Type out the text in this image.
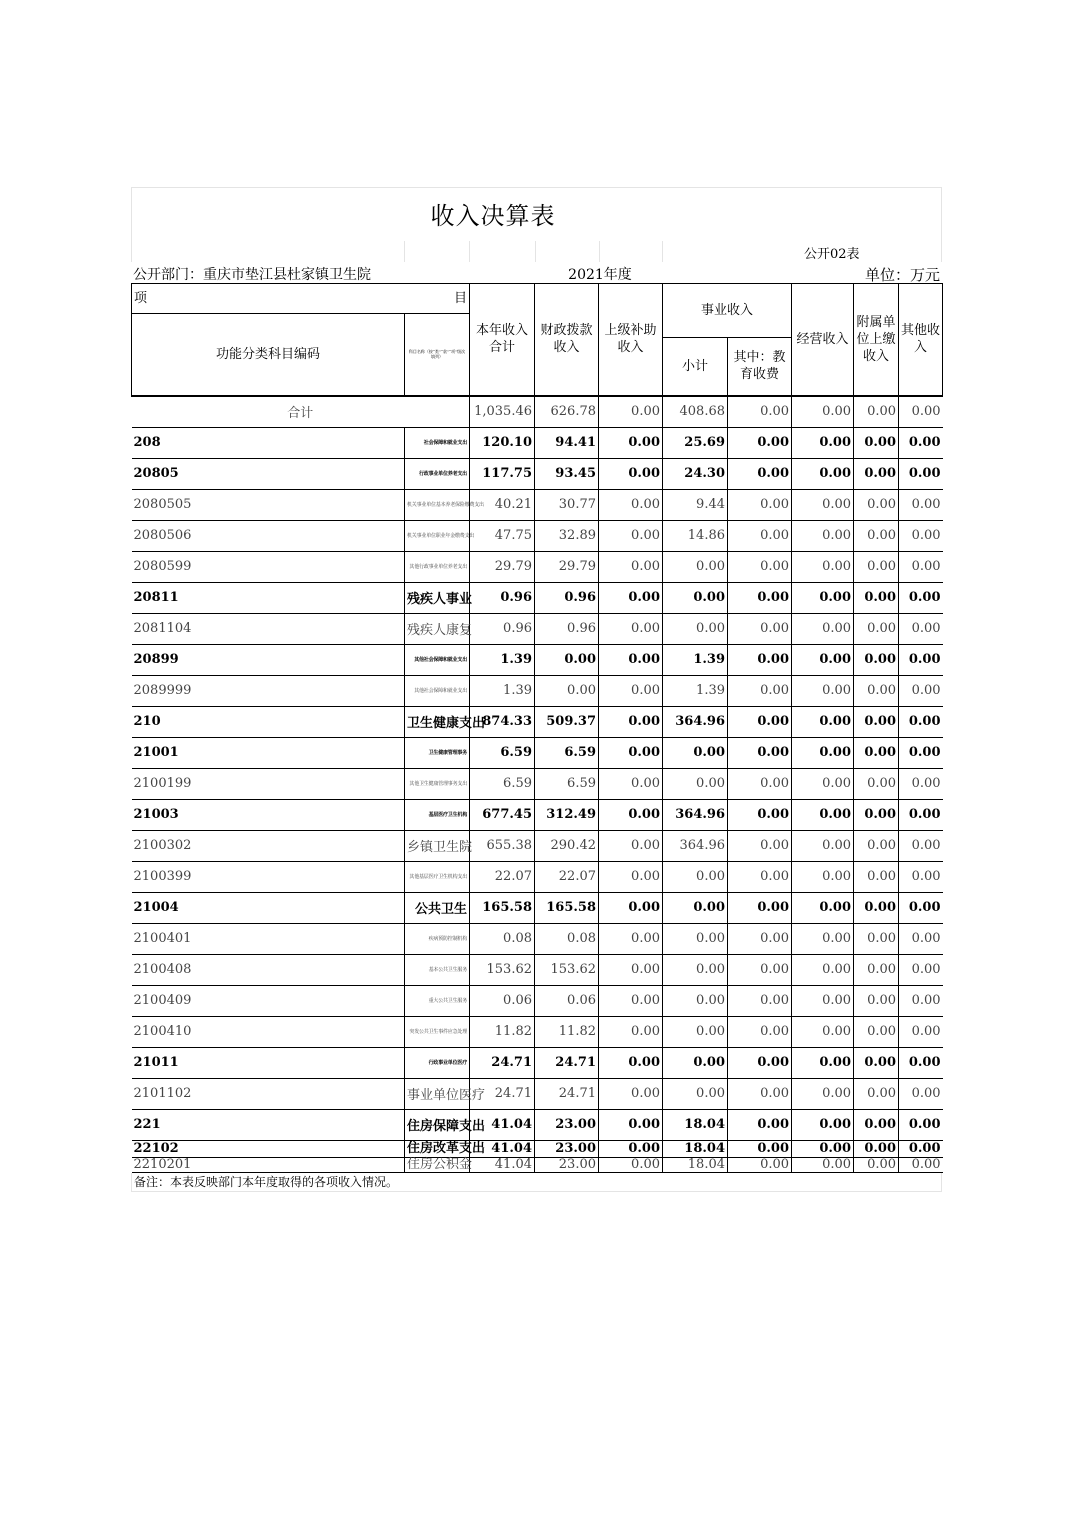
收入决算表
公开02表
公开部门：重庆市垫江县杜家镇卫生院	2021年度	单位：万元
项 目		本年收入合计	财政拨款收入	上级补助收入	事业收入		经营收入	附属单位上缴收入	其他收入
功能分类科目编码	科目名称（按“类”“款”“项”级次填列）								
					小计	其中：教育收费			
合计		1,035.46	626.78	0.00	408.68	0.00	0.00	0.00	0.00
208	社会保障和就业支出	120.10	94.41	0.00	25.69	0.00	0.00	0.00	0.00
20805	行政事业单位养老支出	117.75	93.45	0.00	24.30	0.00	0.00	0.00	0.00
2080505	机关事业单位基本养老保险缴费支出	40.21	30.77	0.00	9.44	0.00	0.00	0.00	0.00
2080506	机关事业单位职业年金缴费支出	47.75	32.89	0.00	14.86	0.00	0.00	0.00	0.00
2080599	其他行政事业单位养老支出	29.79	29.79	0.00	0.00	0.00	0.00	0.00	0.00
20811	残疾人事业	0.96	0.96	0.00	0.00	0.00	0.00	0.00	0.00
2081104	残疾人康复	0.96	0.96	0.00	0.00	0.00	0.00	0.00	0.00
20899	其他社会保障和就业支出	1.39	0.00	0.00	1.39	0.00	0.00	0.00	0.00
2089999	其他社会保障和就业支出	1.39	0.00	0.00	1.39	0.00	0.00	0.00	0.00
210	卫生健康支出	874.33	509.37	0.00	364.96	0.00	0.00	0.00	0.00
21001	卫生健康管理事务	6.59	6.59	0.00	0.00	0.00	0.00	0.00	0.00
2100199	其他卫生健康管理事务支出	6.59	6.59	0.00	0.00	0.00	0.00	0.00	0.00
21003	基层医疗卫生机构	677.45	312.49	0.00	364.96	0.00	0.00	0.00	0.00
2100302	乡镇卫生院	655.38	290.42	0.00	364.96	0.00	0.00	0.00	0.00
2100399	其他基层医疗卫生机构支出	22.07	22.07	0.00	0.00	0.00	0.00	0.00	0.00
21004	公共卫生	165.58	165.58	0.00	0.00	0.00	0.00	0.00	0.00
2100401	疾病预防控制机构	0.08	0.08	0.00	0.00	0.00	0.00	0.00	0.00
2100408	基本公共卫生服务	153.62	153.62	0.00	0.00	0.00	0.00	0.00	0.00
2100409	重大公共卫生服务	0.06	0.06	0.00	0.00	0.00	0.00	0.00	0.00
2100410	突发公共卫生事件应急处理	11.82	11.82	0.00	0.00	0.00	0.00	0.00	0.00
21011	行政事业单位医疗	24.71	24.71	0.00	0.00	0.00	0.00	0.00	0.00
2101102	事业单位医疗	24.71	24.71	0.00	0.00	0.00	0.00	0.00	0.00
221	住房保障支出	41.04	23.00	0.00	18.04	0.00	0.00	0.00	0.00
22102	住房改革支出	41.04	23.00	0.00	18.04	0.00	0.00	0.00	0.00
2210201	住房公积金	41.04	23.00	0.00	18.04	0.00	0.00	0.00	0.00
备注：本表反映部门本年度取得的各项收入情况。
